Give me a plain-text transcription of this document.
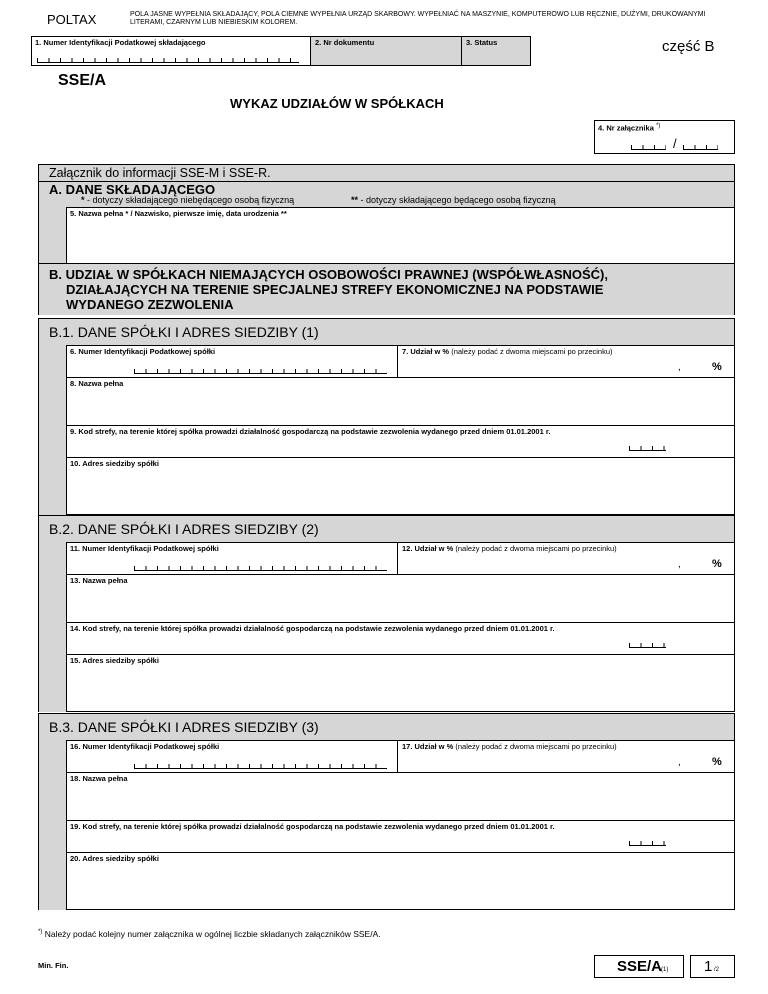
POLTAX	POLA JASNE WYPEŁNIA SKŁADAJĄCY, POLA CIEMNE WYPEŁNIA URZĄD SKARBOWY. WYPEŁNIAĆ NA MASZYNIE, KOMPUTEROWO LUB RĘCZNIE, DUŻYMI, DRUKOWANYMI LITERAMI, CZARNYM LUB NIEBIESKIM KOLOREM.
1. Numer Identyfikacji Podatkowej składającego	2. Nr dokumentu	3. Status	część B
SSE/A
WYKAZ UDZIAŁÓW W SPÓŁKACH
4. Nr załącznika *)
/
Załącznik do informacji SSE-M i SSE-R.
A. DANE SKŁADAJĄCEGO
* - dotyczy składającego niebędącego osobą fizyczną	** - dotyczy składającego będącego osobą fizyczną
5. Nazwa pełna * / Nazwisko, pierwsze imię, data urodzenia **
B. UDZIAŁ W SPÓŁKACH NIEMAJĄCYCH OSOBOWOŚCI PRAWNEJ (WSPÓŁWŁASNOŚĆ),
DZIAŁAJĄCYCH NA TERENIE SPECJALNEJ STREFY EKONOMICZNEJ NA PODSTAWIE
WYDANEGO ZEZWOLENIA
B.1. DANE SPÓŁKI I ADRES SIEDZIBY (1)
6. Numer Identyfikacji Podatkowej spółki	7. Udział w % (należy podać z dwoma miejscami po przecinku)
,	%
8. Nazwa pełna
9. Kod strefy, na terenie której spółka prowadzi działalność gospodarczą na podstawie zezwolenia wydanego przed dniem 01.01.2001 r.
10. Adres siedziby spółki
B.2. DANE SPÓŁKI I ADRES SIEDZIBY (2)
11. Numer Identyfikacji Podatkowej spółki	12. Udział w % (należy podać z dwoma miejscami po przecinku)
,	%
13. Nazwa pełna
14. Kod strefy, na terenie której spółka prowadzi działalność gospodarczą na podstawie zezwolenia wydanego przed dniem 01.01.2001 r.
15. Adres siedziby spółki
B.3. DANE SPÓŁKI I ADRES SIEDZIBY (3)
16. Numer Identyfikacji Podatkowej spółki	17. Udział w % (należy podać z dwoma miejscami po przecinku)
,	%
18. Nazwa pełna
19. Kod strefy, na terenie której spółka prowadzi działalność gospodarczą na podstawie zezwolenia wydanego przed dniem 01.01.2001 r.
20. Adres siedziby spółki
*) Należy podać kolejny numer załącznika w ogólnej liczbie składanych załączników SSE/A.
Min. Fin.	SSE/A
(1) 1 /2
